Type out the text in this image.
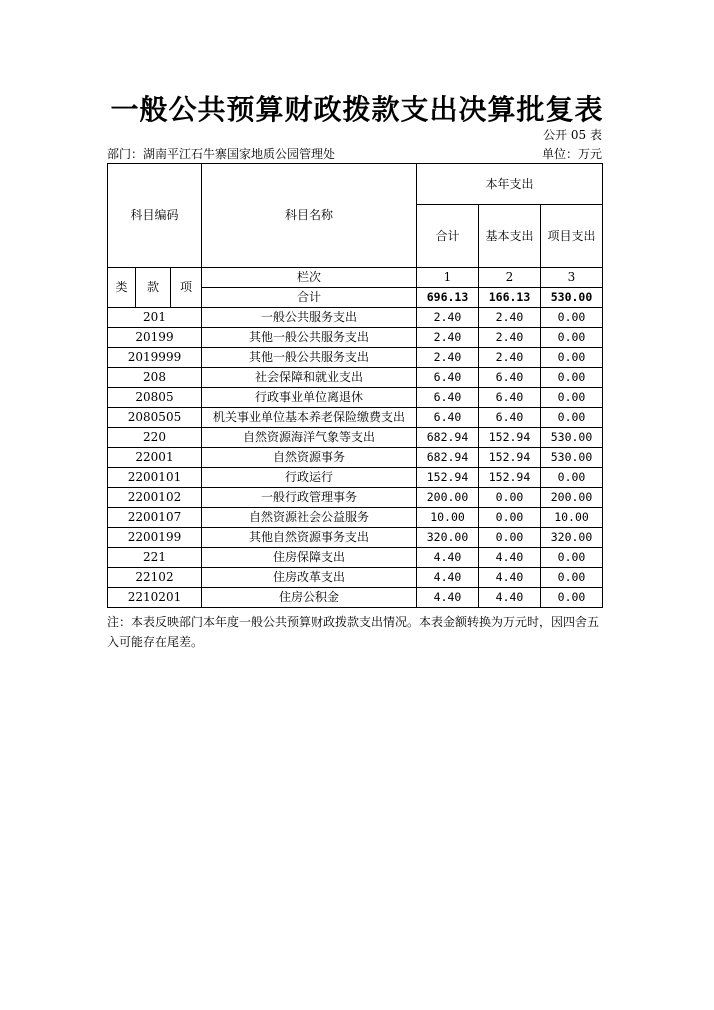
一般公共预算财政拨款支出决算批复表
公开 05 表
部门：湖南平江石牛寨国家地质公园管理处	单位：万元
科目编码			科目名称	本年支出		
				合计	基本支出	项目支出
类	款	项	栏次	1	2	3
			合计	696.13	166.13	530.00
201			一般公共服务支出	2.40	2.40	0.00
20199			其他一般公共服务支出	2.40	2.40	0.00
2019999			其他一般公共服务支出	2.40	2.40	0.00
208			社会保障和就业支出	6.40	6.40	0.00
20805			行政事业单位离退休	6.40	6.40	0.00
2080505			机关事业单位基本养老保险缴费支出	6.40	6.40	0.00
220			自然资源海洋气象等支出	682.94	152.94	530.00
22001			自然资源事务	682.94	152.94	530.00
2200101			行政运行	152.94	152.94	0.00
2200102			一般行政管理事务	200.00	0.00	200.00
2200107			自然资源社会公益服务	10.00	0.00	10.00
2200199			其他自然资源事务支出	320.00	0.00	320.00
221			住房保障支出	4.40	4.40	0.00
22102			住房改革支出	4.40	4.40	0.00
2210201			住房公积金	4.40	4.40	0.00
注：本表反映部门本年度一般公共预算财政拨款支出情况。本表金额转换为万元时，因四舍五入可能存在尾差。
